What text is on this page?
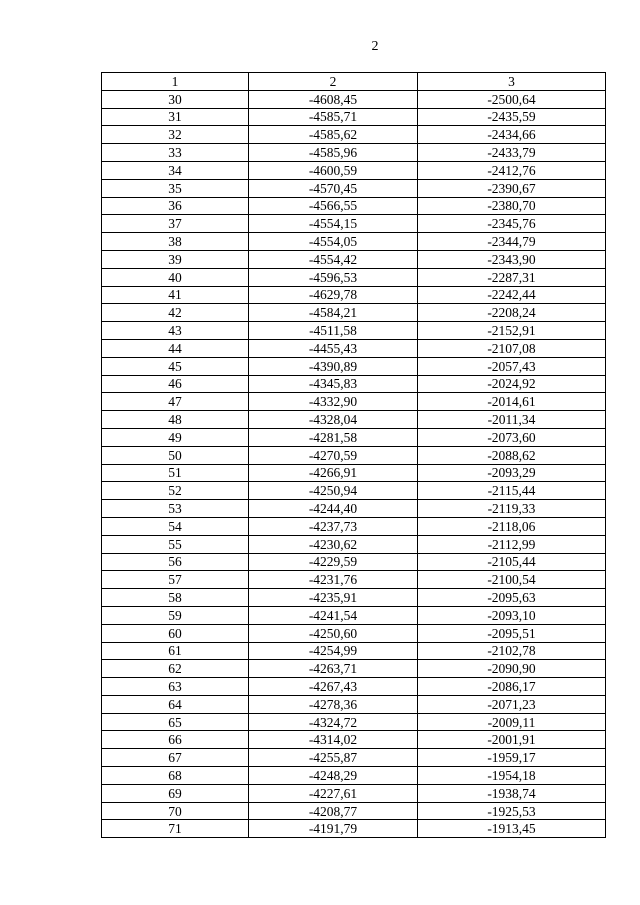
2
1	2	3
30	-4608,45	-2500,64
31	-4585,71	-2435,59
32	-4585,62	-2434,66
33	-4585,96	-2433,79
34	-4600,59	-2412,76
35	-4570,45	-2390,67
36	-4566,55	-2380,70
37	-4554,15	-2345,76
38	-4554,05	-2344,79
39	-4554,42	-2343,90
40	-4596,53	-2287,31
41	-4629,78	-2242,44
42	-4584,21	-2208,24
43	-4511,58	-2152,91
44	-4455,43	-2107,08
45	-4390,89	-2057,43
46	-4345,83	-2024,92
47	-4332,90	-2014,61
48	-4328,04	-2011,34
49	-4281,58	-2073,60
50	-4270,59	-2088,62
51	-4266,91	-2093,29
52	-4250,94	-2115,44
53	-4244,40	-2119,33
54	-4237,73	-2118,06
55	-4230,62	-2112,99
56	-4229,59	-2105,44
57	-4231,76	-2100,54
58	-4235,91	-2095,63
59	-4241,54	-2093,10
60	-4250,60	-2095,51
61	-4254,99	-2102,78
62	-4263,71	-2090,90
63	-4267,43	-2086,17
64	-4278,36	-2071,23
65	-4324,72	-2009,11
66	-4314,02	-2001,91
67	-4255,87	-1959,17
68	-4248,29	-1954,18
69	-4227,61	-1938,74
70	-4208,77	-1925,53
71	-4191,79	-1913,45
